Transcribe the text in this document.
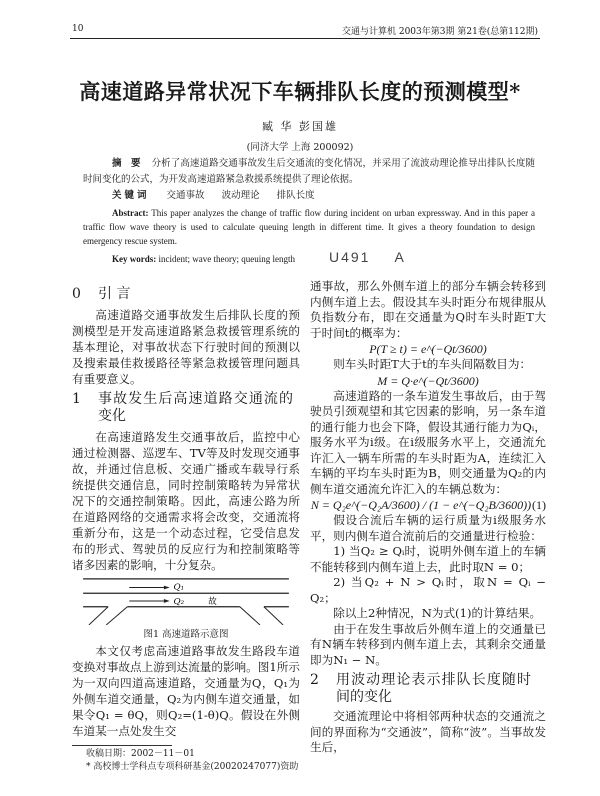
10	交通与计算机 2003年第3期 第21卷(总第112期)
高速道路异常状况下车辆排队长度的预测模型*
臧 华 彭国雄
(同济大学 上海 200092)
摘 要 分析了高速道路交通事故发生后交通流的变化情况，并采用了流波动理论推导出排队长度随时间变化的公式，为开发高速道路紧急救援系统提供了理论依据。
关键词 交通事故 波动理论 排队长度
Abstract: This paper analyzes the change of traffic flow during incident on urban expressway. And in this paper a traffic flow wave theory is used to calculate queuing length in different time. It gives a theory foundation to design emergency rescue system.
Key words: incident; wave theory; queuing length U491 A
0 引 言

高速道路交通事故发生后排队长度的预测模型是开发高速道路紧急救援管理系统的基本理论，对事故状态下行驶时间的预测以及搜索最佳救援路径等紧急救援管理问题具有重要意义。

1 事故发生后高速道路交通流的变化

在高速道路发生交通事故后，监控中心通过检测器、巡逻车、TV等及时发现交通事故，并通过信息板、交通广播或车载导行系统提供交通信息，同时控制策略转为异常状况下的交通控制策略。因此，高速公路为所在道路网络的交通需求将会改变，交通流将重新分布，这是一个动态过程，它受信息发布的形式、驾驶员的反应行为和控制策略等诸多因素的影响，十分复杂。

Q₁
Q₂	故
图1 高速道路示意图

本文仅考虑高速道路事故发生路段车道变换对事故点上游到达流量的影响。图1所示为一双向四道高速道路，交通量为Q，Q₁为外侧车道交通量，Q₂为内侧车道交通量，如果令Q₁ = θQ，则Q₂=(1-θ)Q。假设在外侧车道某一点处发生交

收稿日期：2002－11－01
* 高校博士学科点专项科研基金(20020247077)资助

通事故，那么外侧车道上的部分车辆会转移到内侧车道上去。假设其车头时距分布规律服从负指数分布，即在交通量为Q时车头时距T大于时间t的概率为：

P(T ≥ t) = e^(−Qt/3600)

则车头时距T大于t的车头间隔数目为：

M = Q·e^(−Qt/3600)

高速道路的一条车道发生事故后，由于驾驶员引颈观望和其它因素的影响，另一条车道的通行能力也会下降，假设其通行能力为Qᵢ，服务水平为i级。在i级服务水平上，交通流允许汇入一辆车所需的车头时距为A，连续汇入车辆的平均车头时距为B，则交通量为Q₂的内侧车道交通流允许汇入的车辆总数为：

(1)
N = Q₂e^(−Q₂A/3600) / (1 − e^(−Q₂B/3600))

假设合流后车辆的运行质量为i级服务水平，则内侧车道合流前后的交通量进行检验：

1) 当Q₂ ≥ Qᵢ时，说明外侧车道上的车辆不能转移到内侧车道上去，此时取N = 0；

2) 当Q₂ + N > Qᵢ时，取N = Qᵢ − Q₂；

除以上2种情况，N为式(1)的计算结果。

由于在发生事故后外侧车道上的交通量已有N辆车转移到内侧车道上去，其剩余交通量即为N₁ − N。

2 用波动理论表示排队长度随时间的变化

交通流理论中将相邻两种状态的交通流之间的界面称为“交通波”，简称“波”。当事故发生后，
